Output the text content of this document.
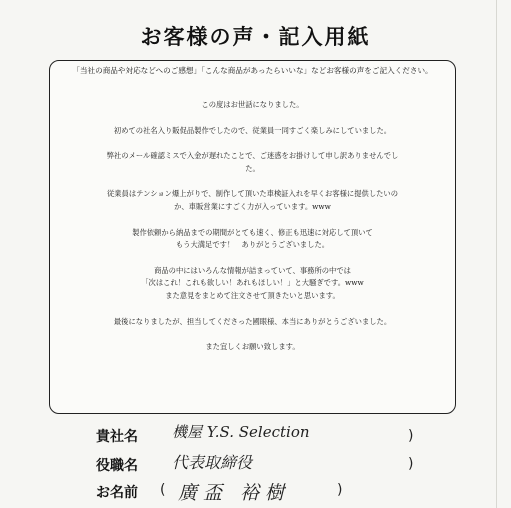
お客様の声・記入用紙
「当社の商品や対応などへのご感想」「こんな商品があったらいいな」などお客様の声をご記入ください。

この度はお世話になりました。

初めての社名入り販促品製作でしたので、従業員一同すごく楽しみにしていました。

弊社のメール確認ミスで入金が遅れたことで、ご迷惑をお掛けして申し訳ありませんでし
た。

従業員はテンション爆上がりで、制作して頂いた車検証入れを早くお客様に提供したいの
か、車販営業にすごく力が入っています。www

製作依頼から納品までの期間がとても速く、修正も迅速に対応して頂いて
もう大満足です！　ありがとうございました。

商品の中にはいろんな情報が詰まっていて、事務所の中では
「次はこれ！これも欲しい！あれもほしい！」と大騒ぎです。www
また意見をまとめて注文させて頂きたいと思います。

最後になりましたが、担当してくださった國眼様、本当にありがとうございました。

また宜しくお願い致します。

貴社名	機屋 Y.S. Selection	)
役職名	代表取締役	)
お名前	( 廣盃 裕樹	)
